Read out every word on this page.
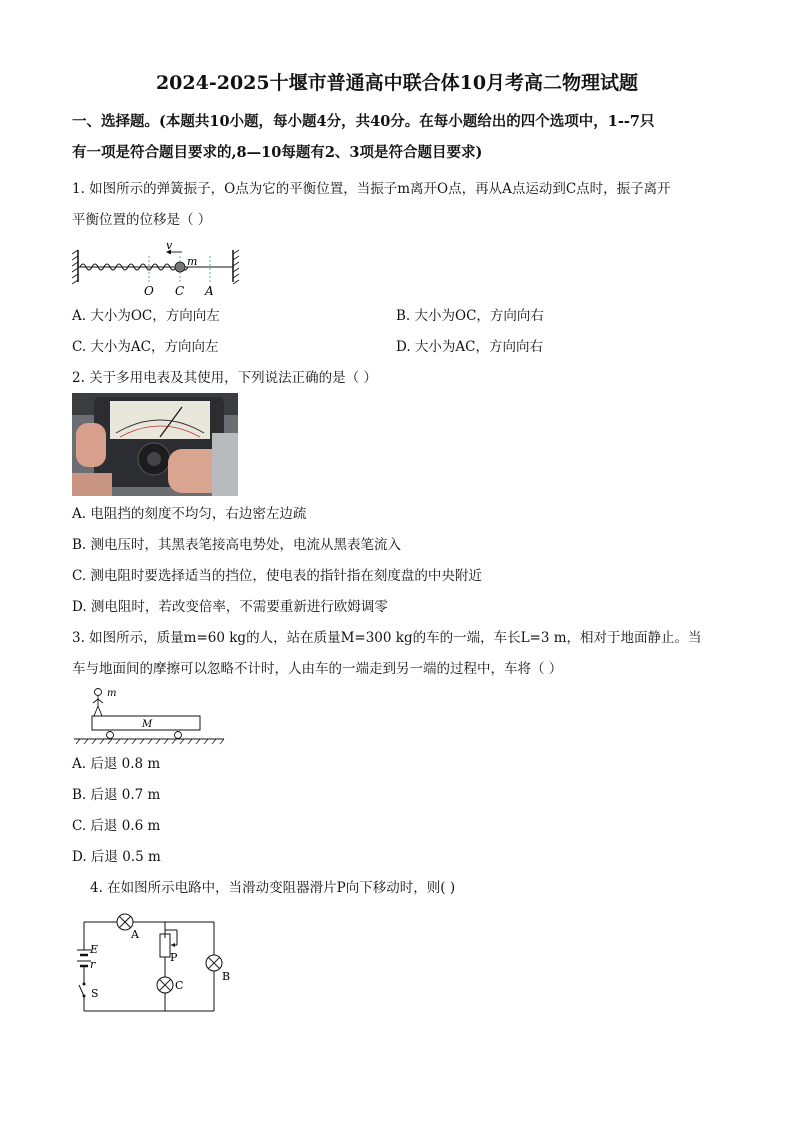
2024-2025十堰市普通高中联合体10月考高二物理试题
一、选择题。(本题共10小题，每小题4分，共40分。在每小题给出的四个选项中，1--7只
有一项是符合题目要求的,8—10每题有2、3项是符合题目要求)
1. 如图所示的弹簧振子，O点为它的平衡位置，当振子m离开O点，再从A点运动到C点时，振子离开
平衡位置的位移是（ ）
v
m
O C A
A. 大小为OC，方向向左	B. 大小为OC，方向向右
C. 大小为AC，方向向左	D. 大小为AC，方向向右
2. 关于多用电表及其使用，下列说法正确的是（ ）
A. 电阻挡的刻度不均匀，右边密左边疏
B. 测电压时，其黑表笔接高电势处，电流从黑表笔流入
C. 测电阻时要选择适当的挡位，使电表的指针指在刻度盘的中央附近
D. 测电阻时，若改变倍率，不需要重新进行欧姆调零
3. 如图所示，质量m=60 kg的人，站在质量M=300 kg的车的一端，车长L=3 m，相对于地面静止。当
车与地面间的摩擦可以忽略不计时，人由车的一端走到另一端的过程中，车将（ ）
m
M
A. 后退 0.8 m
B. 后退 0.7 m
C. 后退 0.6 m
D. 后退 0.5 m
4. 在如图所示电路中，当滑动变阻器滑片P向下移动时，则( )
E
r
S
A
B
C
P
